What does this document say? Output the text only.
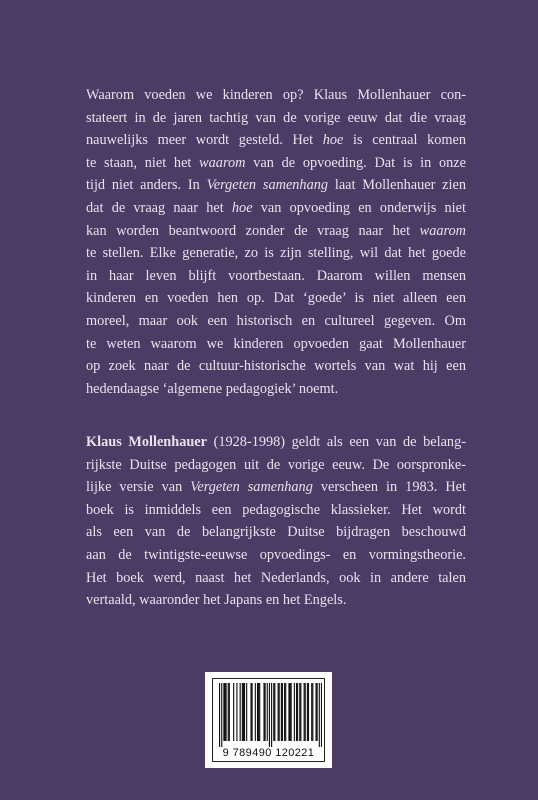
Waarom voeden we kinderen op? Klaus Mollenhauer con-
stateert in de jaren tachtig van de vorige eeuw dat die vraag
nauwelijks meer wordt gesteld. Het hoe is centraal komen
te staan, niet het waarom van de opvoeding. Dat is in onze
tijd niet anders. In Vergeten samenhang laat Mollenhauer zien
dat de vraag naar het hoe van opvoeding en onderwijs niet
kan worden beantwoord zonder de vraag naar het waarom
te stellen. Elke generatie, zo is zijn stelling, wil dat het goede
in haar leven blijft voortbestaan. Daarom willen mensen
kinderen en voeden hen op. Dat ‘goede’ is niet alleen een
moreel, maar ook een historisch en cultureel gegeven. Om
te weten waarom we kinderen opvoeden gaat Mollenhauer
op zoek naar de cultuur-historische wortels van wat hij een
hedendaagse ‘algemene pedagogiek’ noemt.
Klaus Mollenhauer (1928-1998) geldt als een van de belang-
rijkste Duitse pedagogen uit de vorige eeuw. De oorspronke-
lijke versie van Vergeten samenhang verscheen in 1983. Het
boek is inmiddels een pedagogische klassieker. Het wordt
als een van de belangrijkste Duitse bijdragen beschouwd
aan de twintigste-eeuwse opvoedings- en vormingstheorie.
Het boek werd, naast het Nederlands, ook in andere talen
vertaald, waaronder het Japans en het Engels.
9 789490 120221
